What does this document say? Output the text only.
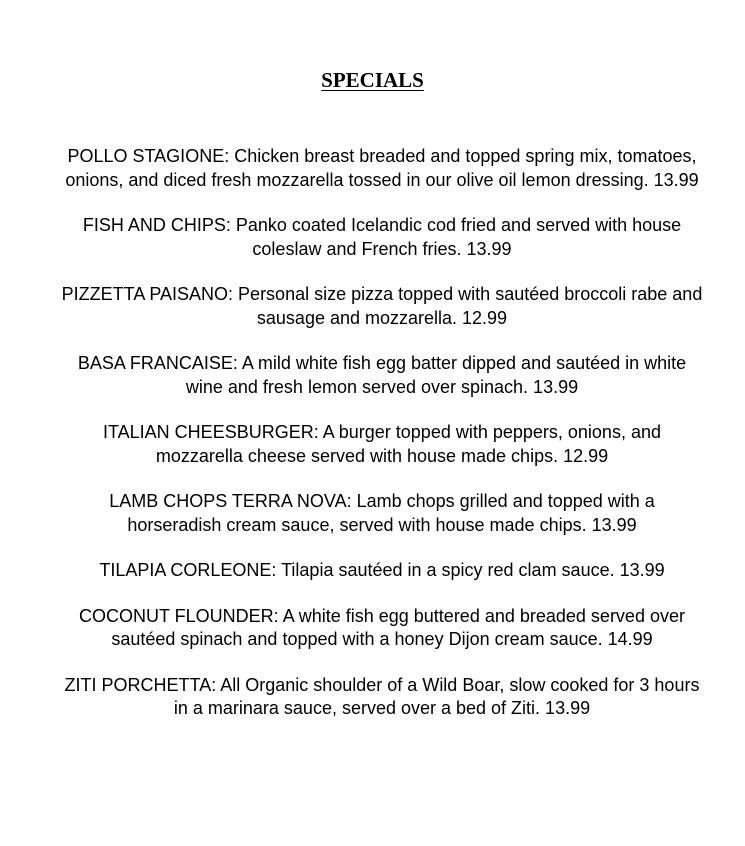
SPECIALS

POLLO STAGIONE: Chicken breast breaded and topped spring mix, tomatoes, onions, and diced fresh mozzarella tossed in our olive oil lemon dressing. 13.99

FISH AND CHIPS: Panko coated Icelandic cod fried and served with house coleslaw and French fries. 13.99

PIZZETTA PAISANO: Personal size pizza topped with sautéed broccoli rabe and sausage and mozzarella. 12.99

BASA FRANCAISE: A mild white fish egg batter dipped and sautéed in white wine and fresh lemon served over spinach. 13.99

ITALIAN CHEESBURGER: A burger topped with peppers, onions, and mozzarella cheese served with house made chips. 12.99

LAMB CHOPS TERRA NOVA: Lamb chops grilled and topped with a horseradish cream sauce, served with house made chips. 13.99

TILAPIA CORLEONE: Tilapia sautéed in a spicy red clam sauce. 13.99

COCONUT FLOUNDER: A white fish egg buttered and breaded served over sautéed spinach and topped with a honey Dijon cream sauce. 14.99

ZITI PORCHETTA: All Organic shoulder of a Wild Boar, slow cooked for 3 hours in a marinara sauce, served over a bed of Ziti. 13.99
